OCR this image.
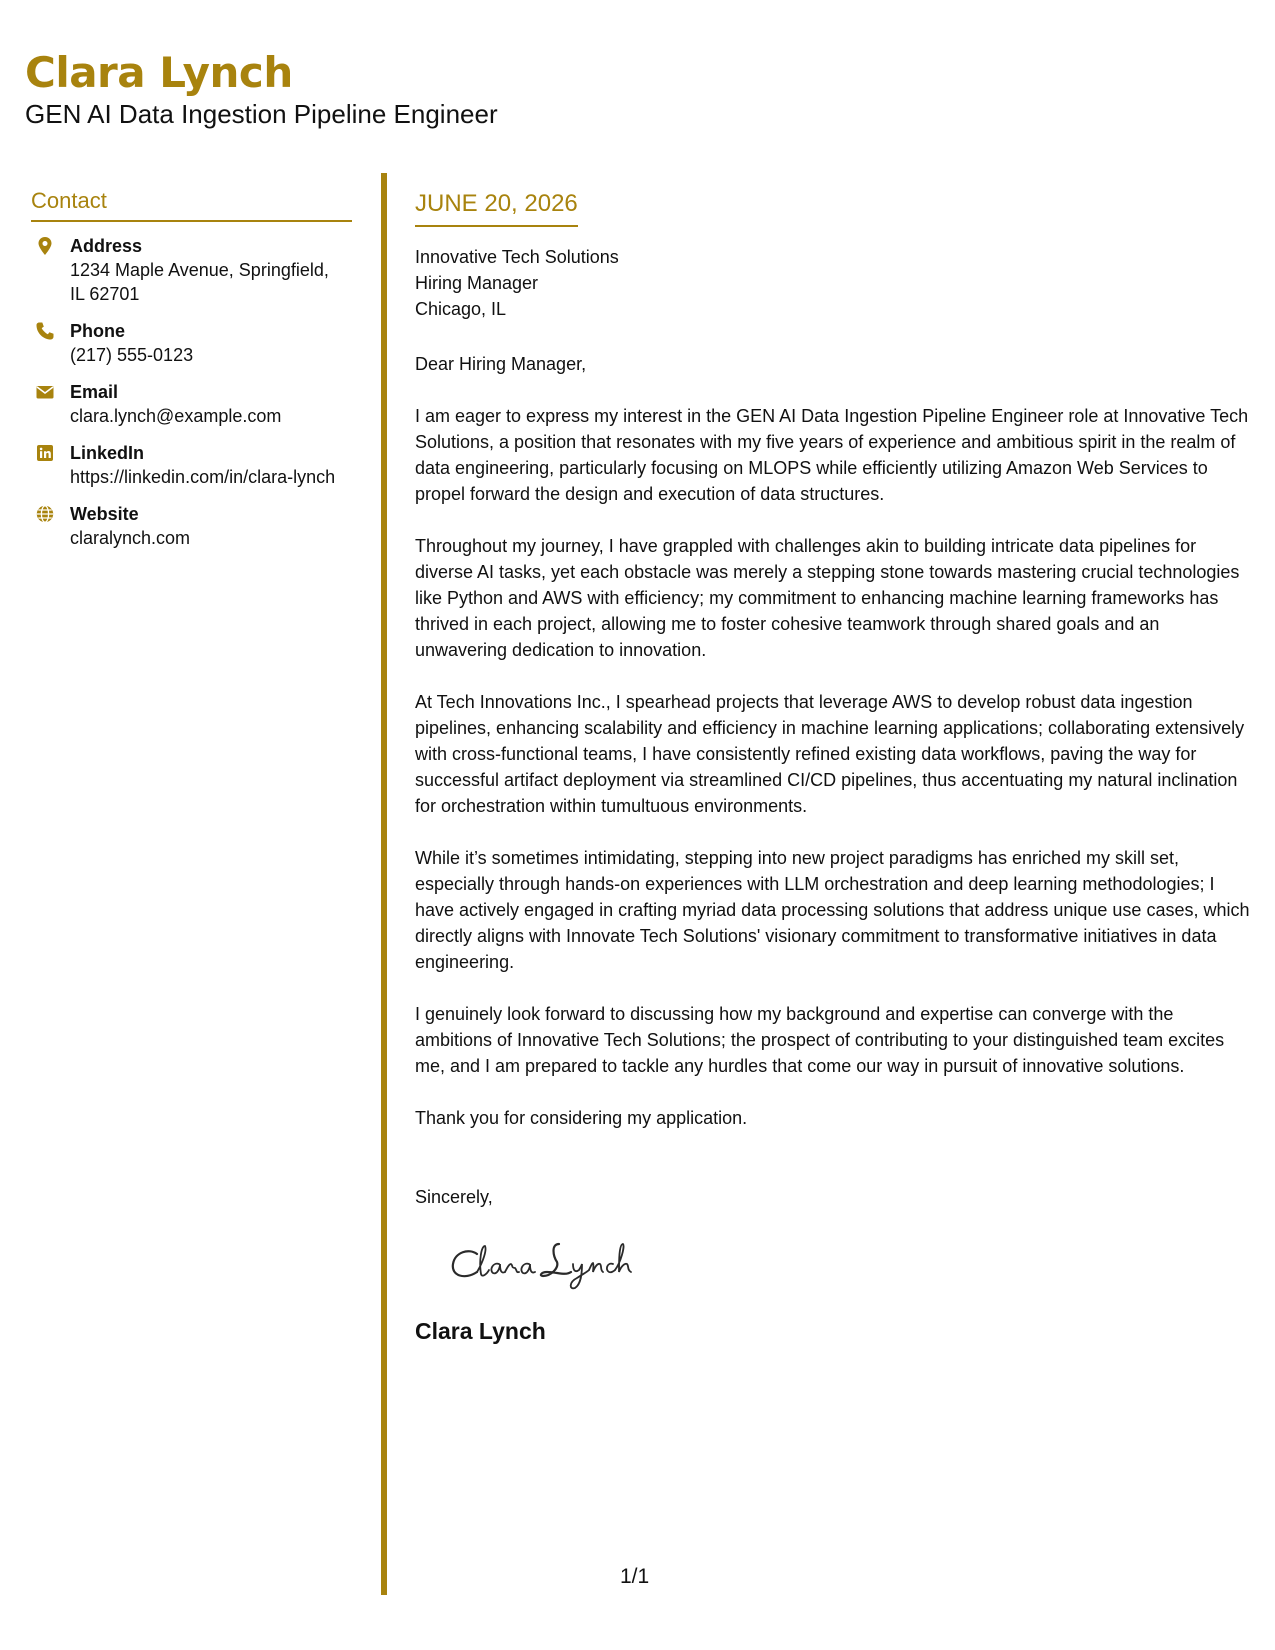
Clara Lynch
GEN AI Data Ingestion Pipeline Engineer
Contact
Address
1234 Maple Avenue, Springfield, IL 62701
Phone
(217) 555-0123
Email
clara.lynch@example.com
LinkedIn
https://linkedin.com/in/clara-lynch
Website
claralynch.com
JUNE 20, 2026
Innovative Tech Solutions
Hiring Manager
Chicago, IL
Dear Hiring Manager,
I am eager to express my interest in the GEN AI Data Ingestion Pipeline Engineer role at Innovative Tech Solutions, a position that resonates with my five years of experience and ambitious spirit in the realm of data engineering, particularly focusing on MLOPS while efficiently utilizing Amazon Web Services to propel forward the design and execution of data structures.
Throughout my journey, I have grappled with challenges akin to building intricate data pipelines for diverse AI tasks, yet each obstacle was merely a stepping stone towards mastering crucial technologies like Python and AWS with efficiency; my commitment to enhancing machine learning frameworks has thrived in each project, allowing me to foster cohesive teamwork through shared goals and an unwavering dedication to innovation.
At Tech Innovations Inc., I spearhead projects that leverage AWS to develop robust data ingestion pipelines, enhancing scalability and efficiency in machine learning applications; collaborating extensively with cross-functional teams, I have consistently refined existing data workflows, paving the way for successful artifact deployment via streamlined CI/CD pipelines, thus accentuating my natural inclination for orchestration within tumultuous environments.
While it’s sometimes intimidating, stepping into new project paradigms has enriched my skill set, especially through hands-on experiences with LLM orchestration and deep learning methodologies; I have actively engaged in crafting myriad data processing solutions that address unique use cases, which directly aligns with Innovate Tech Solutions' visionary commitment to transformative initiatives in data engineering.
I genuinely look forward to discussing how my background and expertise can converge with the ambitions of Innovative Tech Solutions; the prospect of contributing to your distinguished team excites me, and I am prepared to tackle any hurdles that come our way in pursuit of innovative solutions.
Thank you for considering my application.
Sincerely,
Clara Lynch
1/1
